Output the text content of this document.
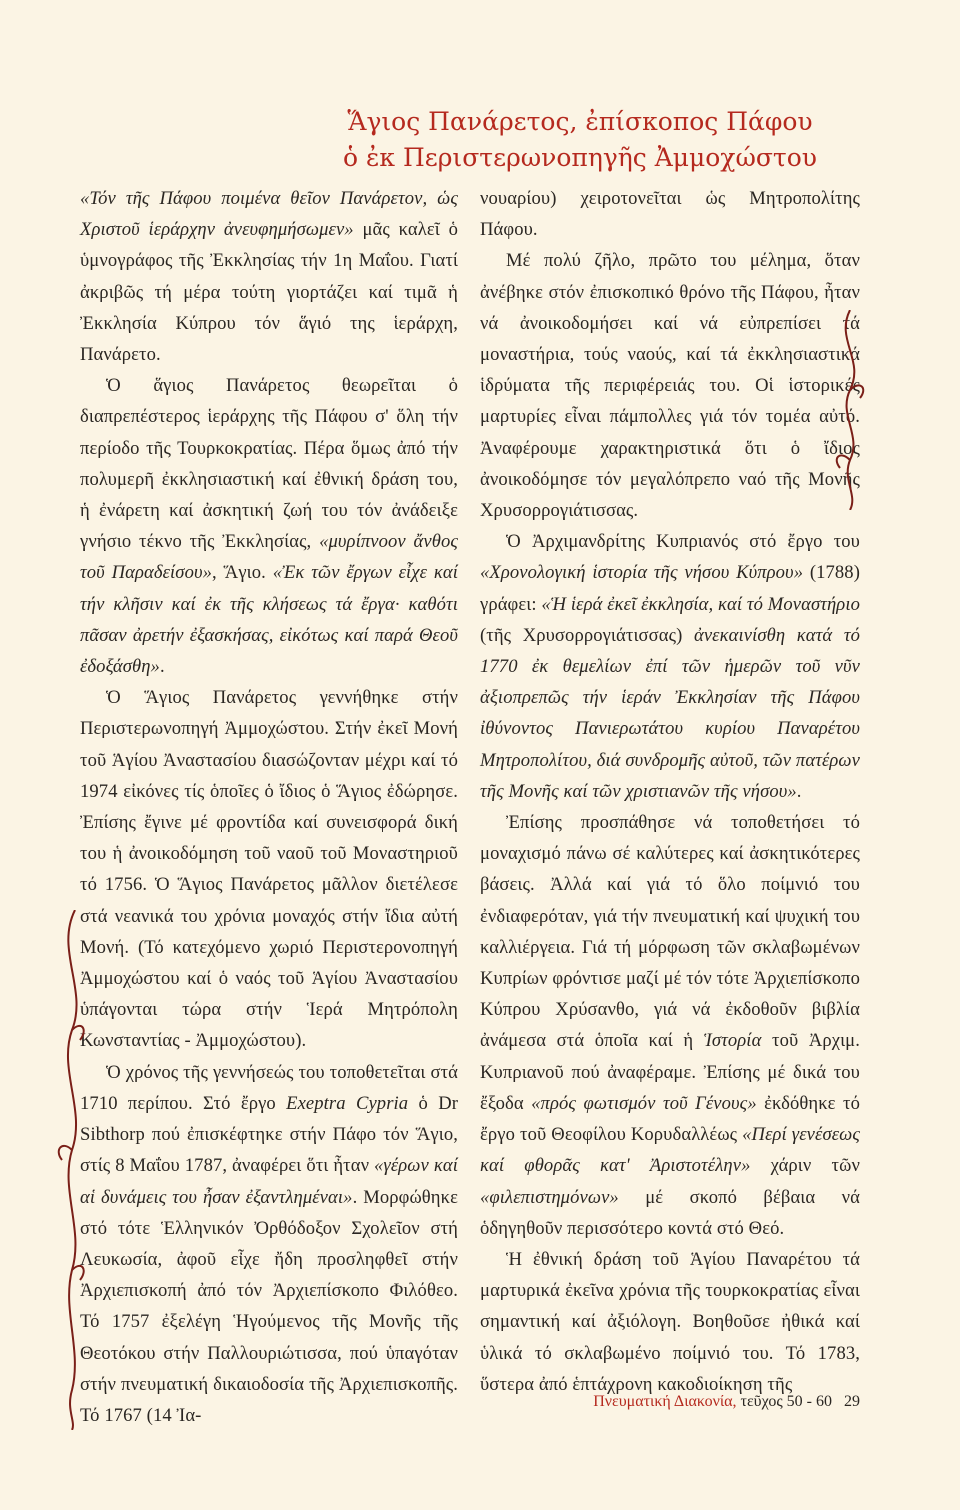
Ἅγιος Πανάρετος, ἐπίσκοπος Πάφου
ὁ ἐκ Περιστερωνοπηγῆς Ἀμμοχώστου

«Τόν τῆς Πάφου ποιμένα θεῖον Πανάρετον, ὡς Χριστοῦ ἱεράρχην ἀνευφημήσωμεν» μᾶς καλεῖ ὁ ὑμνογράφος τῆς Ἐκκλησίας τήν 1η Μαΐου. Γιατί ἀκριβῶς τή μέρα τούτη γιορτάζει καί τιμᾶ ἡ Ἐκκλησία Κύπρου τόν ἅγιό της ἱεράρχη, Πανάρετο.

Ὁ ἅγιος Πανάρετος θεωρεῖται ὁ διαπρεπέστερος ἱεράρχης τῆς Πάφου σ' ὅλη τήν περίοδο τῆς Τουρκοκρατίας. Πέρα ὅμως ἀπό τήν πολυμερῆ ἐκκλησιαστική καί ἐθνική δράση του, ἡ ἐνάρετη καί ἀσκητική ζωή του τόν ἀνάδειξε γνήσιο τέκνο τῆς Ἐκκλησίας, «μυρίπνοον ἄνθος τοῦ Παραδείσου», Ἅγιο. «Ἐκ τῶν ἔργων εἶχε καί τήν κλῆσιν καί ἐκ τῆς κλήσεως τά ἔργα· καθότι πᾶσαν ἀρετήν ἐξασκήσας, εἰκότως καί παρά Θεοῦ ἐδοξάσθη».

Ὁ Ἅγιος Πανάρετος γεννήθηκε στήν Περιστερωνοπηγή Ἀμμοχώστου. Στήν ἐκεῖ Μονή τοῦ Ἁγίου Ἀναστασίου διασώζονταν μέχρι καί τό 1974 εἰκόνες τίς ὁποῖες ὁ ἴδιος ὁ Ἅγιος ἐδώρησε. Ἐπίσης ἔγινε μέ φροντίδα καί συνεισφορά δική του ἡ ἀνοικοδόμηση τοῦ ναοῦ τοῦ Μοναστηριοῦ τό 1756. Ὁ Ἅγιος Πανάρετος μᾶλλον διετέλεσε στά νεανικά του χρόνια μοναχός στήν ἴδια αὐτή Μονή. (Τό κατεχόμενο χωριό Περιστερονοπηγή Ἀμμοχώστου καί ὁ ναός τοῦ Ἁγίου Ἀναστασίου ὑπάγονται τώρα στήν Ἱερά Μητρόπολη Κωνσταντίας - Ἀμμοχώστου).

Ὁ χρόνος τῆς γεννήσεώς του τοποθετεῖται στά 1710 περίπου. Στό ἔργο Exeptra Cypria ὁ Dr Sibthorp πού ἐπισκέφτηκε στήν Πάφο τόν Ἅγιο, στίς 8 Μαΐου 1787, ἀναφέρει ὅτι ἦταν «γέρων καί αἱ δυνάμεις του ἦσαν ἐξαντλημέναι». Μορφώθηκε στό τότε Ἑλληνικόν Ὀρθόδοξον Σχολεῖον στή Λευκωσία, ἀφοῦ εἶχε ἤδη προσληφθεῖ στήν Ἀρχιεπισκοπή ἀπό τόν Ἀρχιεπίσκοπο Φιλόθεο. Τό 1757 ἐξελέγη Ἡγούμενος τῆς Μονῆς τῆς Θεοτόκου στήν Παλλουριώτισσα, πού ὑπαγόταν στήν πνευματική δικαιοδοσία τῆς Ἀρχιεπισκοπῆς. Τό 1767 (14 Ἰα-

νουαρίου) χειροτονεῖται ὡς Μητροπολίτης Πάφου.

Μέ πολύ ζῆλο, πρῶτο του μέλημα, ὅταν ἀνέβηκε στόν ἐπισκοπικό θρόνο τῆς Πάφου, ἦταν νά ἀνοικοδομήσει καί νά εὐπρεπίσει τά μοναστήρια, τούς ναούς, καί τά ἐκκλησιαστικά ἱδρύματα τῆς περιφέρειάς του. Οἱ ἱστορικές μαρτυρίες εἶναι πάμπολλες γιά τόν τομέα αὐτό. Ἀναφέρουμε χαρακτηριστικά ὅτι ὁ ἴδιος ἀνοικοδόμησε τόν μεγαλόπρεπο ναό τῆς Μονῆς Χρυσορρογιάτισσας.

Ὁ Ἀρχιμανδρίτης Κυπριανός στό ἔργο του «Χρονολογική ἱστορία τῆς νήσου Κύπρου» (1788) γράφει: «Ἡ ἱερά ἐκεῖ ἐκκλησία, καί τό Μοναστήριο (τῆς Χρυσορρογιάτισσας) ἀνεκαινίσθη κατά τό 1770 ἐκ θεμελίων ἐπί τῶν ἡμερῶν τοῦ νῦν ἀξιοπρεπῶς τήν ἱεράν Ἐκκλησίαν τῆς Πάφου ἰθύνοντος Πανιερωτάτου κυρίου Παναρέτου Μητροπολίτου, διά συνδρομῆς αὐτοῦ, τῶν πατέρων τῆς Μονῆς καί τῶν χριστιανῶν τῆς νήσου».

Ἐπίσης προσπάθησε νά τοποθετήσει τό μοναχισμό πάνω σέ καλύτερες καί ἀσκητικότερες βάσεις. Ἀλλά καί γιά τό ὅλο ποίμνιό του ἐνδιαφερόταν, γιά τήν πνευματική καί ψυχική του καλλιέργεια. Γιά τή μόρφωση τῶν σκλαβωμένων Κυπρίων φρόντισε μαζί μέ τόν τότε Ἀρχιεπίσκοπο Κύπρου Χρύσανθο, γιά νά ἐκδοθοῦν βιβλία ἀνάμεσα στά ὁποῖα καί ἡ Ἱστορία τοῦ Ἀρχιμ. Κυπριανοῦ πού ἀναφέραμε. Ἐπίσης μέ δικά του ἔξοδα «πρός φωτισμόν τοῦ Γένους» ἐκδόθηκε τό ἔργο τοῦ Θεοφίλου Κορυδαλλέως «Περί γενέσεως καί φθορᾶς κατ' Ἀριστοτέλην» χάριν τῶν «φιλεπιστημόνων» μέ σκοπό βέβαια νά ὁδηγηθοῦν περισσότερο κοντά στό Θεό.

Ἡ ἐθνική δράση τοῦ Ἁγίου Παναρέτου τά μαρτυρικά ἐκεῖνα χρόνια τῆς τουρκοκρατίας εἶναι σημαντική καί ἀξιόλογη. Βοηθοῦσε ἠθικά καί ὑλικά τό σκλαβωμένο ποίμνιό του. Τό 1783, ὕστερα ἀπό ἑπτάχρονη κακοδιοίκηση τῆς

Πνευματική Διακονία, τεῦχος 50 - 60 29
